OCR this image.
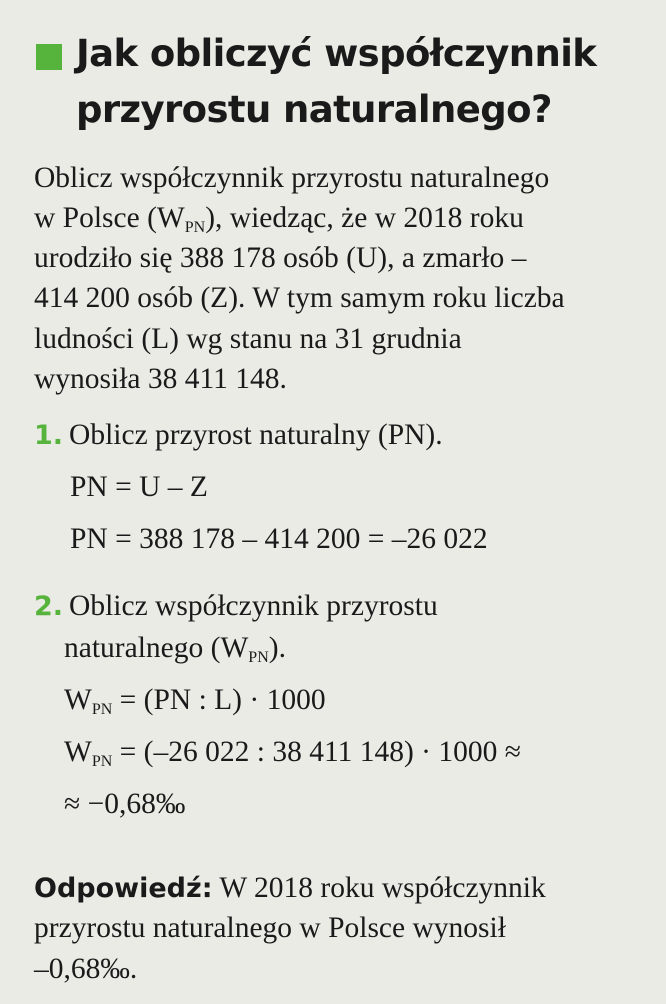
Jak obliczyć współczynnik
przyrostu naturalnego?
Oblicz współczynnik przyrostu naturalnego
w Polsce $(W_{PN})$, wiedząc, że w 2018 roku
urodziło się 388 178 osób (U), a zmarło –
414 200 osób (Z). W tym samym roku liczba
ludności (L) wg stanu na 31 grudnia
wynosiła 38 411 148.
1. Oblicz przyrost naturalny (PN).
PN = U – Z
PN = 388 178 – 414 200 = –26 022
2. Oblicz współczynnik przyrostu
naturalnego $(W_{PN})$.
$W_{PN} = (PN$ : L) · 1000
$W_{PN} = (-26$ 022 : 38 411 148) · 1000 ≈
≈ −0,68‰
Odpowiedź: W 2018 roku współczynnik
przyrostu naturalnego w Polsce wynosił
–0,68‰.
